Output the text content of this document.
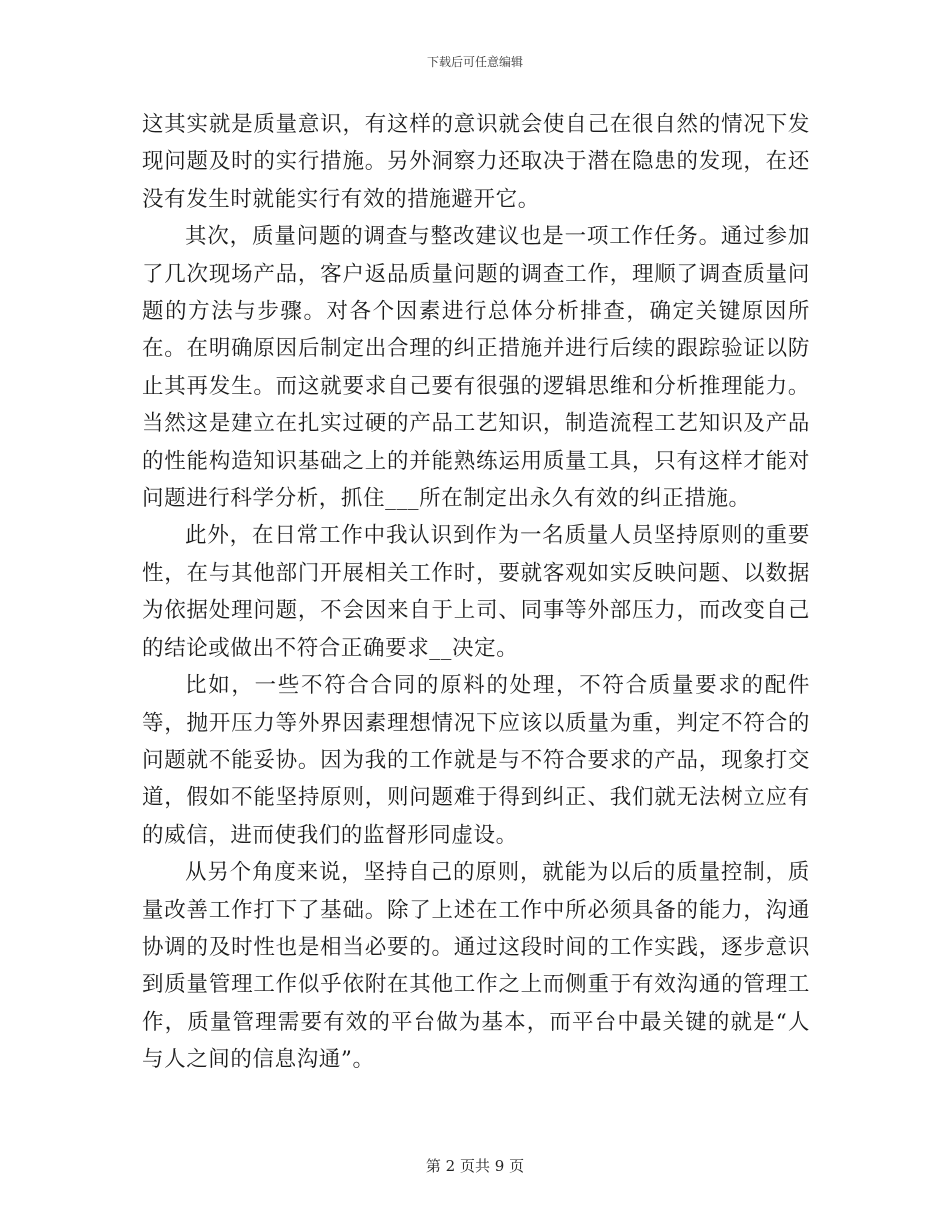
下载后可任意编辑

这其实就是质量意识，有这样的意识就会使自己在很自然的情况下发现问题及时的实行措施。另外洞察力还取决于潜在隐患的发现，在还没有发生时就能实行有效的措施避开它。

其次，质量问题的调查与整改建议也是一项工作任务。通过参加了几次现场产品，客户返品质量问题的调查工作，理顺了调查质量问题的方法与步骤。对各个因素进行总体分析排查，确定关键原因所在。在明确原因后制定出合理的纠正措施并进行后续的跟踪验证以防止其再发生。而这就要求自己要有很强的逻辑思维和分析推理能力。当然这是建立在扎实过硬的产品工艺知识，制造流程工艺知识及产品的性能构造知识基础之上的并能熟练运用质量工具，只有这样才能对问题进行科学分析，抓住___所在制定出永久有效的纠正措施。

此外，在日常工作中我认识到作为一名质量人员坚持原则的重要性，在与其他部门开展相关工作时，要就客观如实反映问题、以数据为依据处理问题，不会因来自于上司、同事等外部压力，而改变自己的结论或做出不符合正确要求__决定。

比如，一些不符合合同的原料的处理，不符合质量要求的配件等，抛开压力等外界因素理想情况下应该以质量为重，判定不符合的问题就不能妥协。因为我的工作就是与不符合要求的产品，现象打交道，假如不能坚持原则，则问题难于得到纠正、我们就无法树立应有的威信，进而使我们的监督形同虚设。

从另个角度来说，坚持自己的原则，就能为以后的质量控制，质量改善工作打下了基础。除了上述在工作中所必须具备的能力，沟通协调的及时性也是相当必要的。通过这段时间的工作实践，逐步意识到质量管理工作似乎依附在其他工作之上而侧重于有效沟通的管理工作，质量管理需要有效的平台做为基本，而平台中最关键的就是“人与人之间的信息沟通”。

第 2 页共 9 页
